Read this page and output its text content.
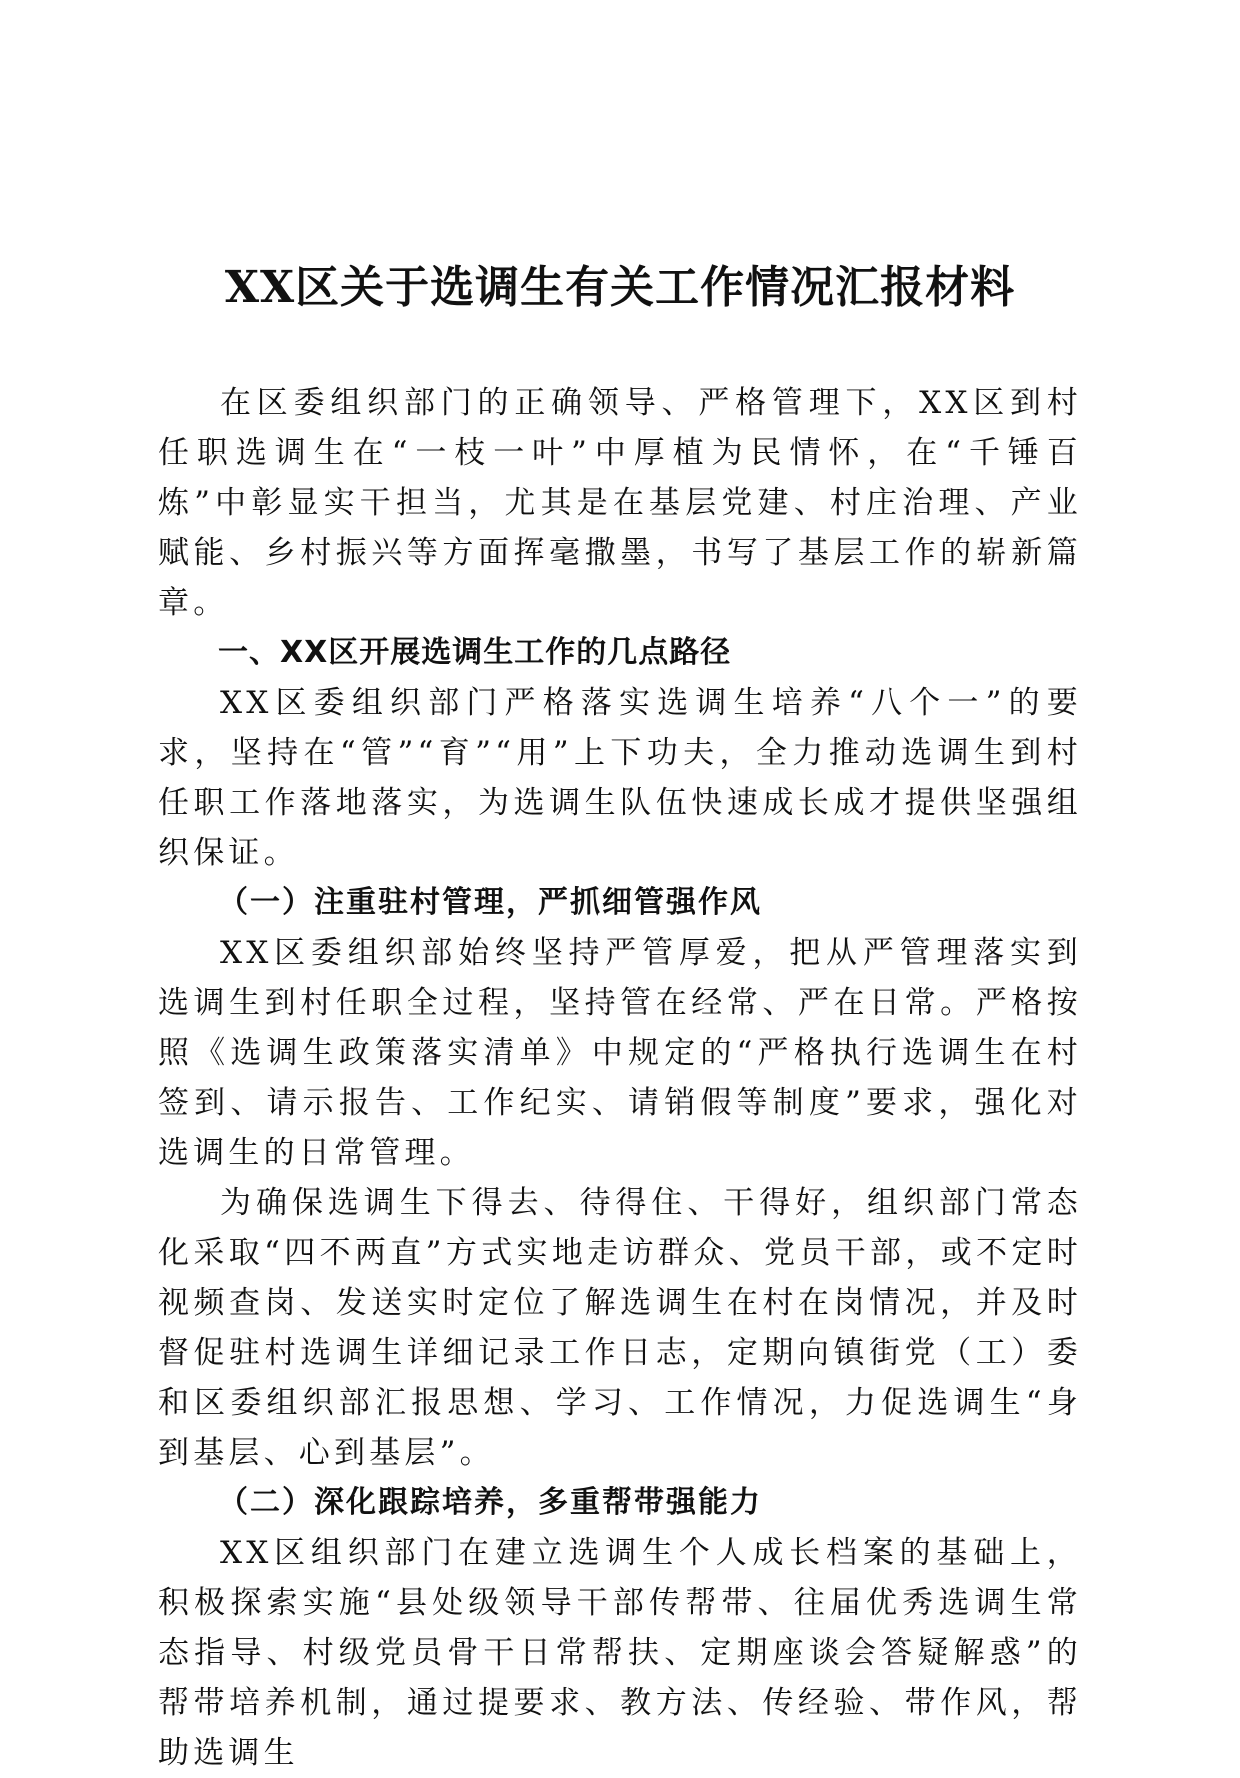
XX区关于选调生有关工作情况汇报材料

在区委组织部门的正确领导、严格管理下，XX区到村任职选调生在“一枝一叶”中厚植为民情怀，在“千锤百炼”中彰显实干担当，尤其是在基层党建、村庄治理、产业赋能、乡村振兴等方面挥毫撒墨，书写了基层工作的崭新篇章。

一、XX区开展选调生工作的几点路径

XX区委组织部门严格落实选调生培养“八个一”的要求，坚持在“管”“育”“用”上下功夫，全力推动选调生到村任职工作落地落实，为选调生队伍快速成长成才提供坚强组织保证。

（一）注重驻村管理，严抓细管强作风

XX区委组织部始终坚持严管厚爱，把从严管理落实到选调生到村任职全过程，坚持管在经常、严在日常。严格按照《选调生政策落实清单》中规定的“严格执行选调生在村签到、请示报告、工作纪实、请销假等制度”要求，强化对选调生的日常管理。

为确保选调生下得去、待得住、干得好，组织部门常态化采取“四不两直”方式实地走访群众、党员干部，或不定时视频查岗、发送实时定位了解选调生在村在岗情况，并及时督促驻村选调生详细记录工作日志，定期向镇街党（工）委和区委组织部汇报思想、学习、工作情况，力促选调生“身到基层、心到基层”。

（二）深化跟踪培养，多重帮带强能力

XX区组织部门在建立选调生个人成长档案的基础上，积极探索实施“县处级领导干部传帮带、往届优秀选调生常态指导、村级党员骨干日常帮扶、定期座谈会答疑解惑”的帮带培养机制，通过提要求、教方法、传经验、带作风，帮助选调生
